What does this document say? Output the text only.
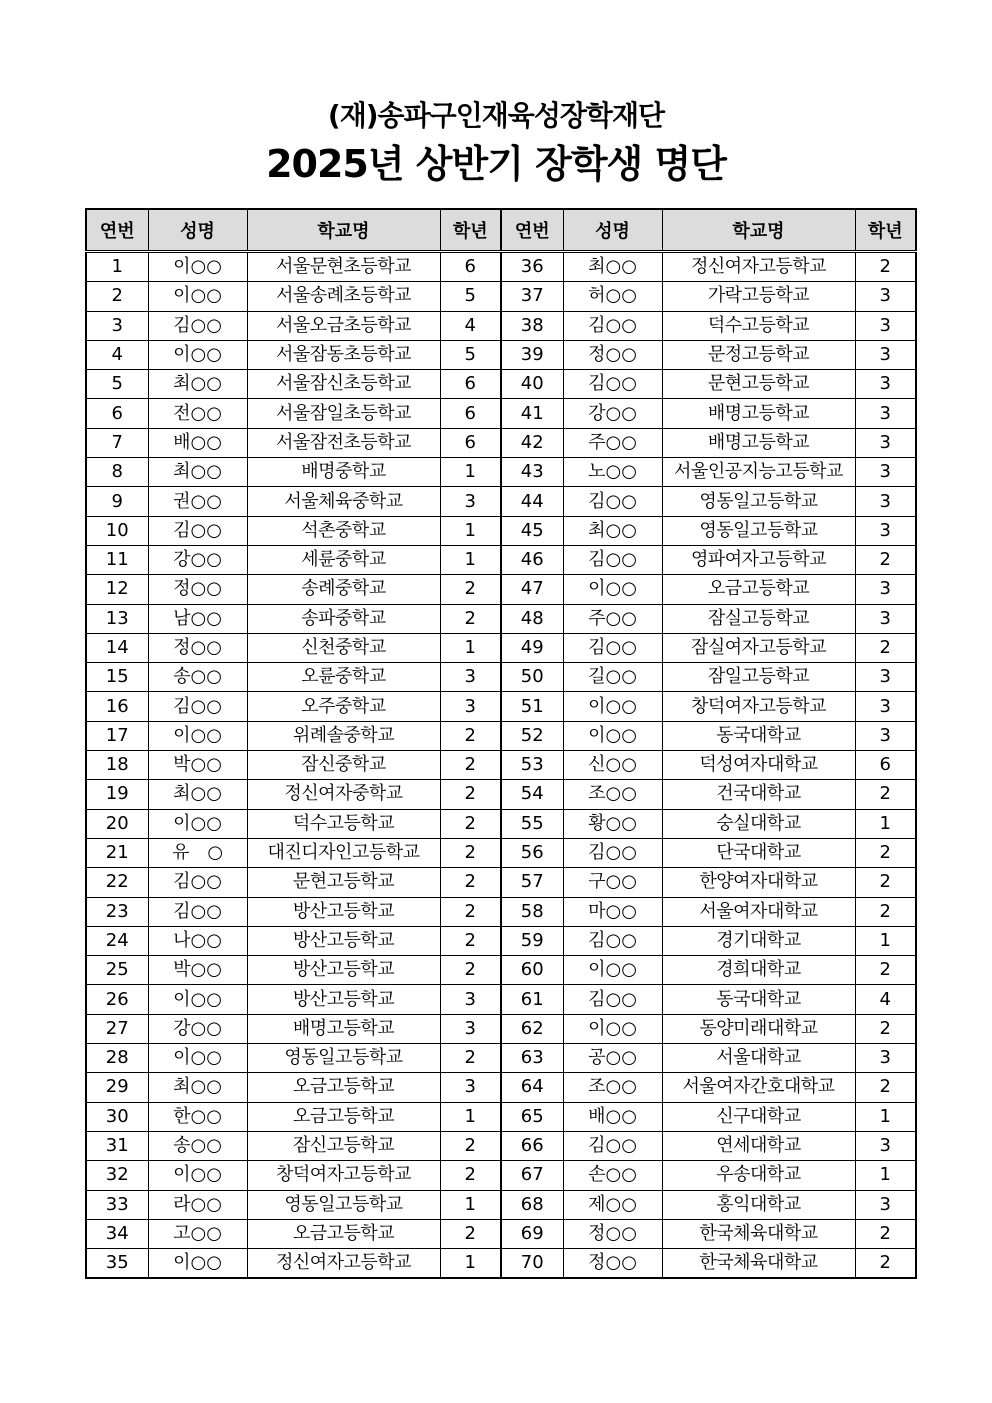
(재)송파구인재육성장학재단
2025년 상반기 장학생 명단
연번	성명	학교명	학년	연번	성명	학교명	학년
1	이○○	서울문현초등학교	6	36	최○○	정신여자고등학교	2
2	이○○	서울송례초등학교	5	37	허○○	가락고등학교	3
3	김○○	서울오금초등학교	4	38	김○○	덕수고등학교	3
4	이○○	서울잠동초등학교	5	39	정○○	문정고등학교	3
5	최○○	서울잠신초등학교	6	40	김○○	문현고등학교	3
6	전○○	서울잠일초등학교	6	41	강○○	배명고등학교	3
7	배○○	서울잠전초등학교	6	42	주○○	배명고등학교	3
8	최○○	배명중학교	1	43	노○○	서울인공지능고등학교	3
9	권○○	서울체육중학교	3	44	김○○	영동일고등학교	3
10	김○○	석촌중학교	1	45	최○○	영동일고등학교	3
11	강○○	세륜중학교	1	46	김○○	영파여자고등학교	2
12	정○○	송례중학교	2	47	이○○	오금고등학교	3
13	남○○	송파중학교	2	48	주○○	잠실고등학교	3
14	정○○	신천중학교	1	49	김○○	잠실여자고등학교	2
15	송○○	오륜중학교	3	50	길○○	잠일고등학교	3
16	김○○	오주중학교	3	51	이○○	창덕여자고등학교	3
17	이○○	위례솔중학교	2	52	이○○	동국대학교	3
18	박○○	잠신중학교	2	53	신○○	덕성여자대학교	6
19	최○○	정신여자중학교	2	54	조○○	건국대학교	2
20	이○○	덕수고등학교	2	55	황○○	숭실대학교	1
21	유　○	대진디자인고등학교	2	56	김○○	단국대학교	2
22	김○○	문현고등학교	2	57	구○○	한양여자대학교	2
23	김○○	방산고등학교	2	58	마○○	서울여자대학교	2
24	나○○	방산고등학교	2	59	김○○	경기대학교	1
25	박○○	방산고등학교	2	60	이○○	경희대학교	2
26	이○○	방산고등학교	3	61	김○○	동국대학교	4
27	강○○	배명고등학교	3	62	이○○	동양미래대학교	2
28	이○○	영동일고등학교	2	63	공○○	서울대학교	3
29	최○○	오금고등학교	3	64	조○○	서울여자간호대학교	2
30	한○○	오금고등학교	1	65	배○○	신구대학교	1
31	송○○	잠신고등학교	2	66	김○○	연세대학교	3
32	이○○	창덕여자고등학교	2	67	손○○	우송대학교	1
33	라○○	영동일고등학교	1	68	제○○	홍익대학교	3
34	고○○	오금고등학교	2	69	정○○	한국체육대학교	2
35	이○○	정신여자고등학교	1	70	정○○	한국체육대학교	2
